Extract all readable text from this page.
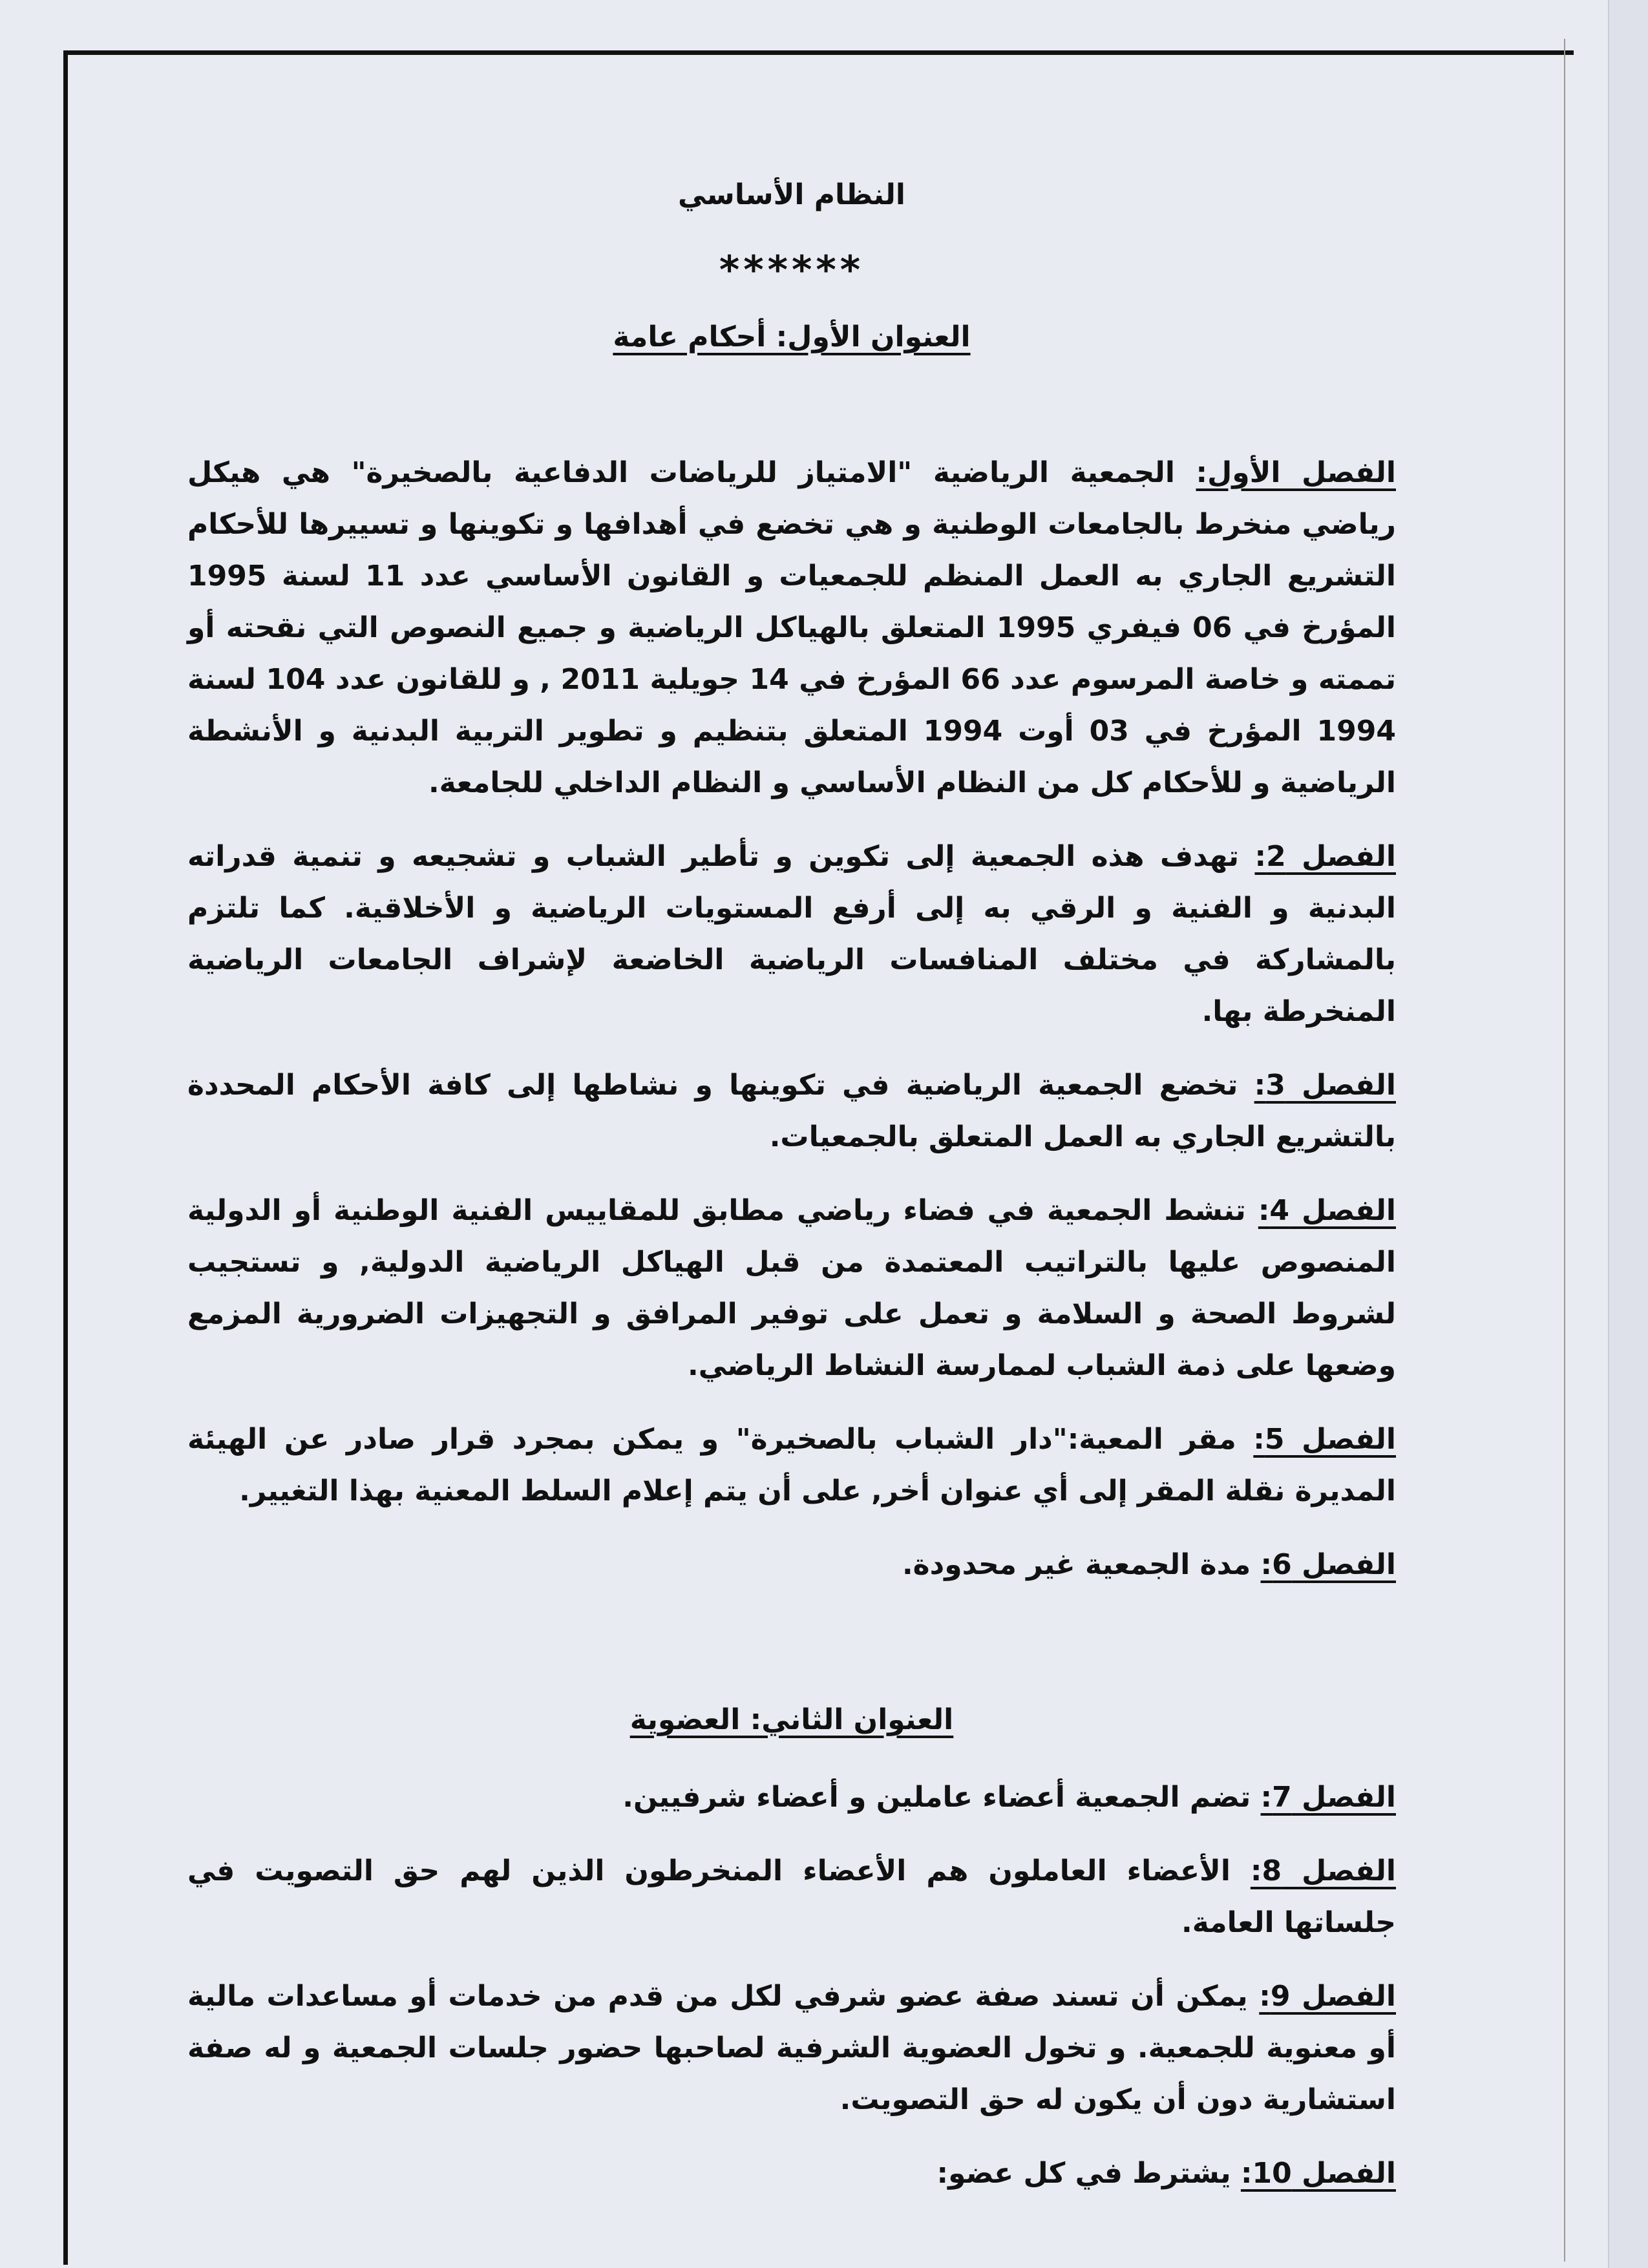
النظام الأساسي
******
العنوان الأول: أحكام عامة
الفصل الأول: الجمعية الرياضية "الامتياز للرياضات الدفاعية بالصخيرة" هي هيكل رياضي منخرط بالجامعات الوطنية و هي تخضع في أهدافها و تكوينها و تسييرها للأحكام التشريع الجاري به العمل المنظم للجمعيات و القانون الأساسي عدد 11 لسنة 1995 المؤرخ في 06 فيفري 1995 المتعلق بالهياكل الرياضية و جميع النصوص التي نقحته أو تممته و خاصة المرسوم عدد 66 المؤرخ في 14 جويلية 2011 , و للقانون عدد 104 لسنة 1994 المؤرخ في 03 أوت 1994 المتعلق بتنظيم و تطوير التربية البدنية و الأنشطة الرياضية و للأحكام كل من النظام الأساسي و النظام الداخلي للجامعة.
الفصل 2: تهدف هذه الجمعية إلى تكوين و تأطير الشباب و تشجيعه و تنمية قدراته البدنية و الفنية و الرقي به إلى أرفع المستويات الرياضية و الأخلاقية. كما تلتزم بالمشاركة في مختلف المنافسات الرياضية الخاضعة لإشراف الجامعات الرياضية المنخرطة بها.
الفصل 3: تخضع الجمعية الرياضية في تكوينها و نشاطها إلى كافة الأحكام المحددة بالتشريع الجاري به العمل المتعلق بالجمعيات.
الفصل 4: تنشط الجمعية في فضاء رياضي مطابق للمقاييس الفنية الوطنية أو الدولية المنصوص عليها بالتراتيب المعتمدة من قبل الهياكل الرياضية الدولية, و تستجيب لشروط الصحة و السلامة و تعمل على توفير المرافق و التجهيزات الضرورية المزمع وضعها على ذمة الشباب لممارسة النشاط الرياضي.
الفصل 5: مقر المعية:"دار الشباب بالصخيرة" و يمكن بمجرد قرار صادر عن الهيئة المديرة نقلة المقر إلى أي عنوان أخر, على أن يتم إعلام السلط المعنية بهذا التغيير.
الفصل 6: مدة الجمعية غير محدودة.
العنوان الثاني: العضوية
الفصل 7: تضم الجمعية أعضاء عاملين و أعضاء شرفيين.
الفصل 8: الأعضاء العاملون هم الأعضاء المنخرطون الذين لهم حق التصويت في جلساتها العامة.
الفصل 9: يمكن أن تسند صفة عضو شرفي لكل من قدم من خدمات أو مساعدات مالية أو معنوية للجمعية. و تخول العضوية الشرفية لصاحبها حضور جلسات الجمعية و له صفة استشارية دون أن يكون له حق التصويت.
الفصل 10: يشترط في كل عضو:
